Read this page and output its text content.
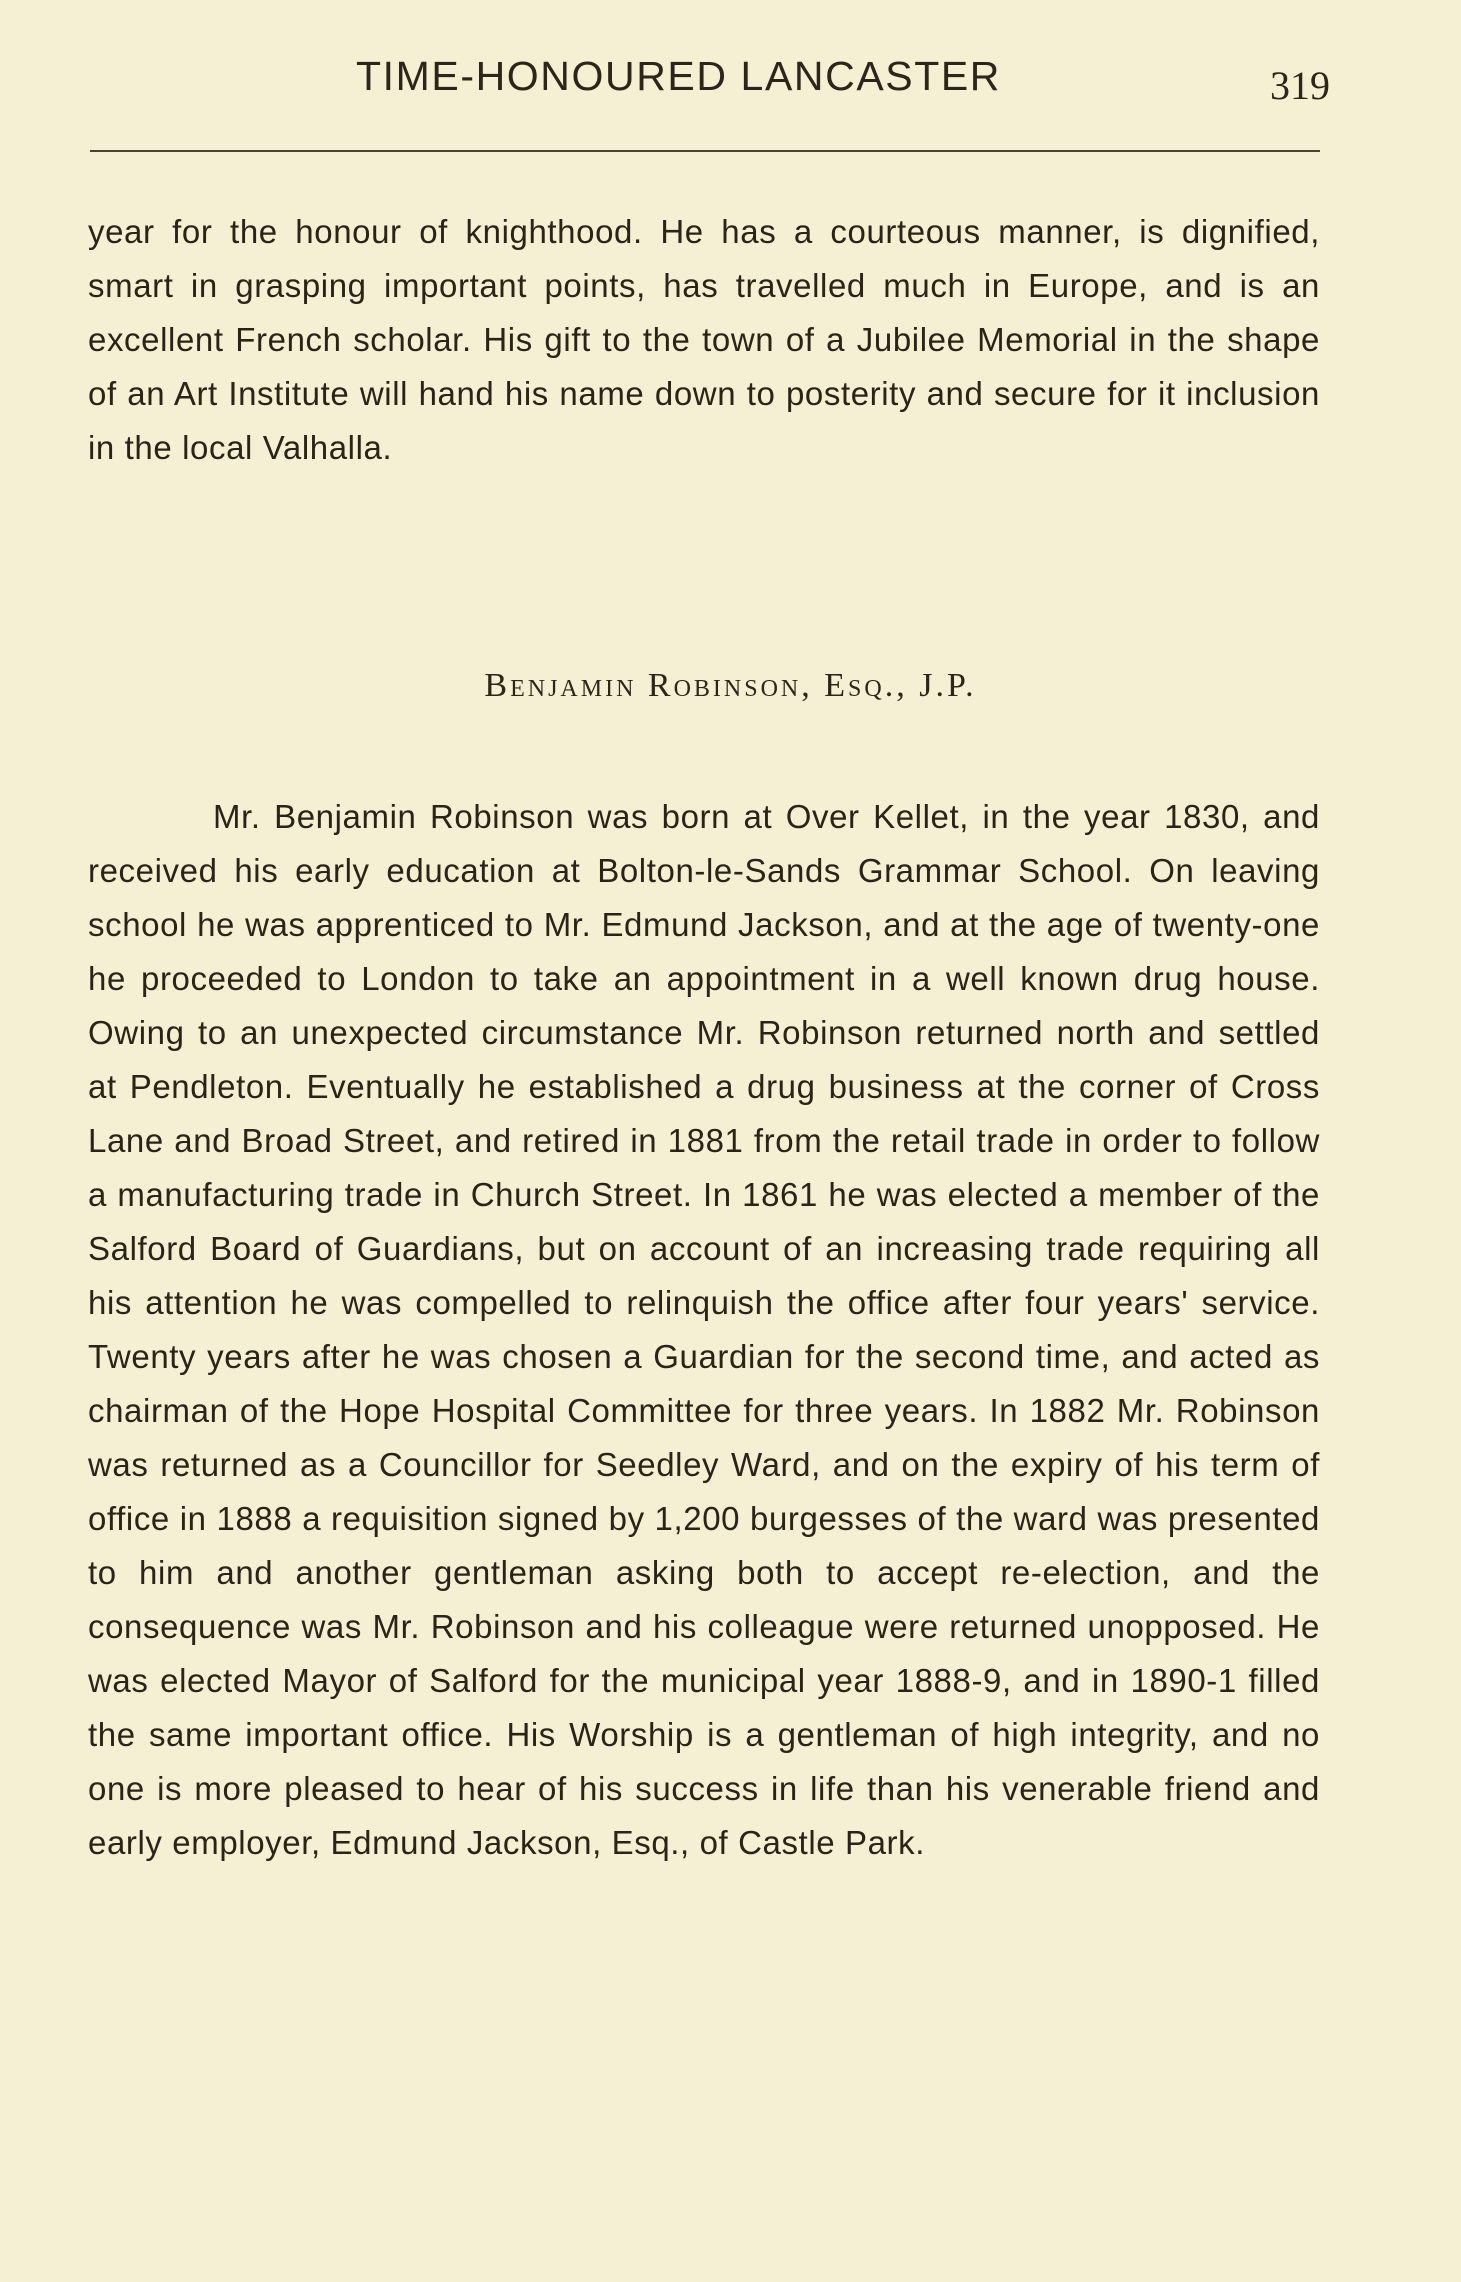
TIME-HONOURED LANCASTER	319

year for the honour of knighthood. He has a courteous manner, is dignified, smart in grasping important points, has travelled much in Europe, and is an excellent French scholar. His gift to the town of a Jubilee Memorial in the shape of an Art Institute will hand his name down to posterity and secure for it inclusion in the local Valhalla.

Benjamin Robinson, Esq., J.P.

Mr. Benjamin Robinson was born at Over Kellet, in the year 1830, and received his early education at Bolton-le-Sands Grammar School. On leaving school he was apprenticed to Mr. Edmund Jackson, and at the age of twenty-one he proceeded to London to take an appointment in a well known drug house. Owing to an unexpected circumstance Mr. Robinson returned north and settled at Pendleton. Eventually he established a drug business at the corner of Cross Lane and Broad Street, and retired in 1881 from the retail trade in order to follow a manufacturing trade in Church Street. In 1861 he was elected a member of the Salford Board of Guardians, but on account of an increasing trade requiring all his attention he was compelled to relinquish the office after four years' service. Twenty years after he was chosen a Guardian for the second time, and acted as chairman of the Hope Hospital Committee for three years. In 1882 Mr. Robinson was returned as a Councillor for Seedley Ward, and on the expiry of his term of office in 1888 a requisition signed by 1,200 burgesses of the ward was presented to him and another gentleman asking both to accept re-election, and the consequence was Mr. Robinson and his colleague were returned unopposed. He was elected Mayor of Salford for the municipal year 1888-9, and in 1890-1 filled the same important office. His Worship is a gentleman of high integrity, and no one is more pleased to hear of his success in life than his venerable friend and early employer, Edmund Jackson, Esq., of Castle Park.
